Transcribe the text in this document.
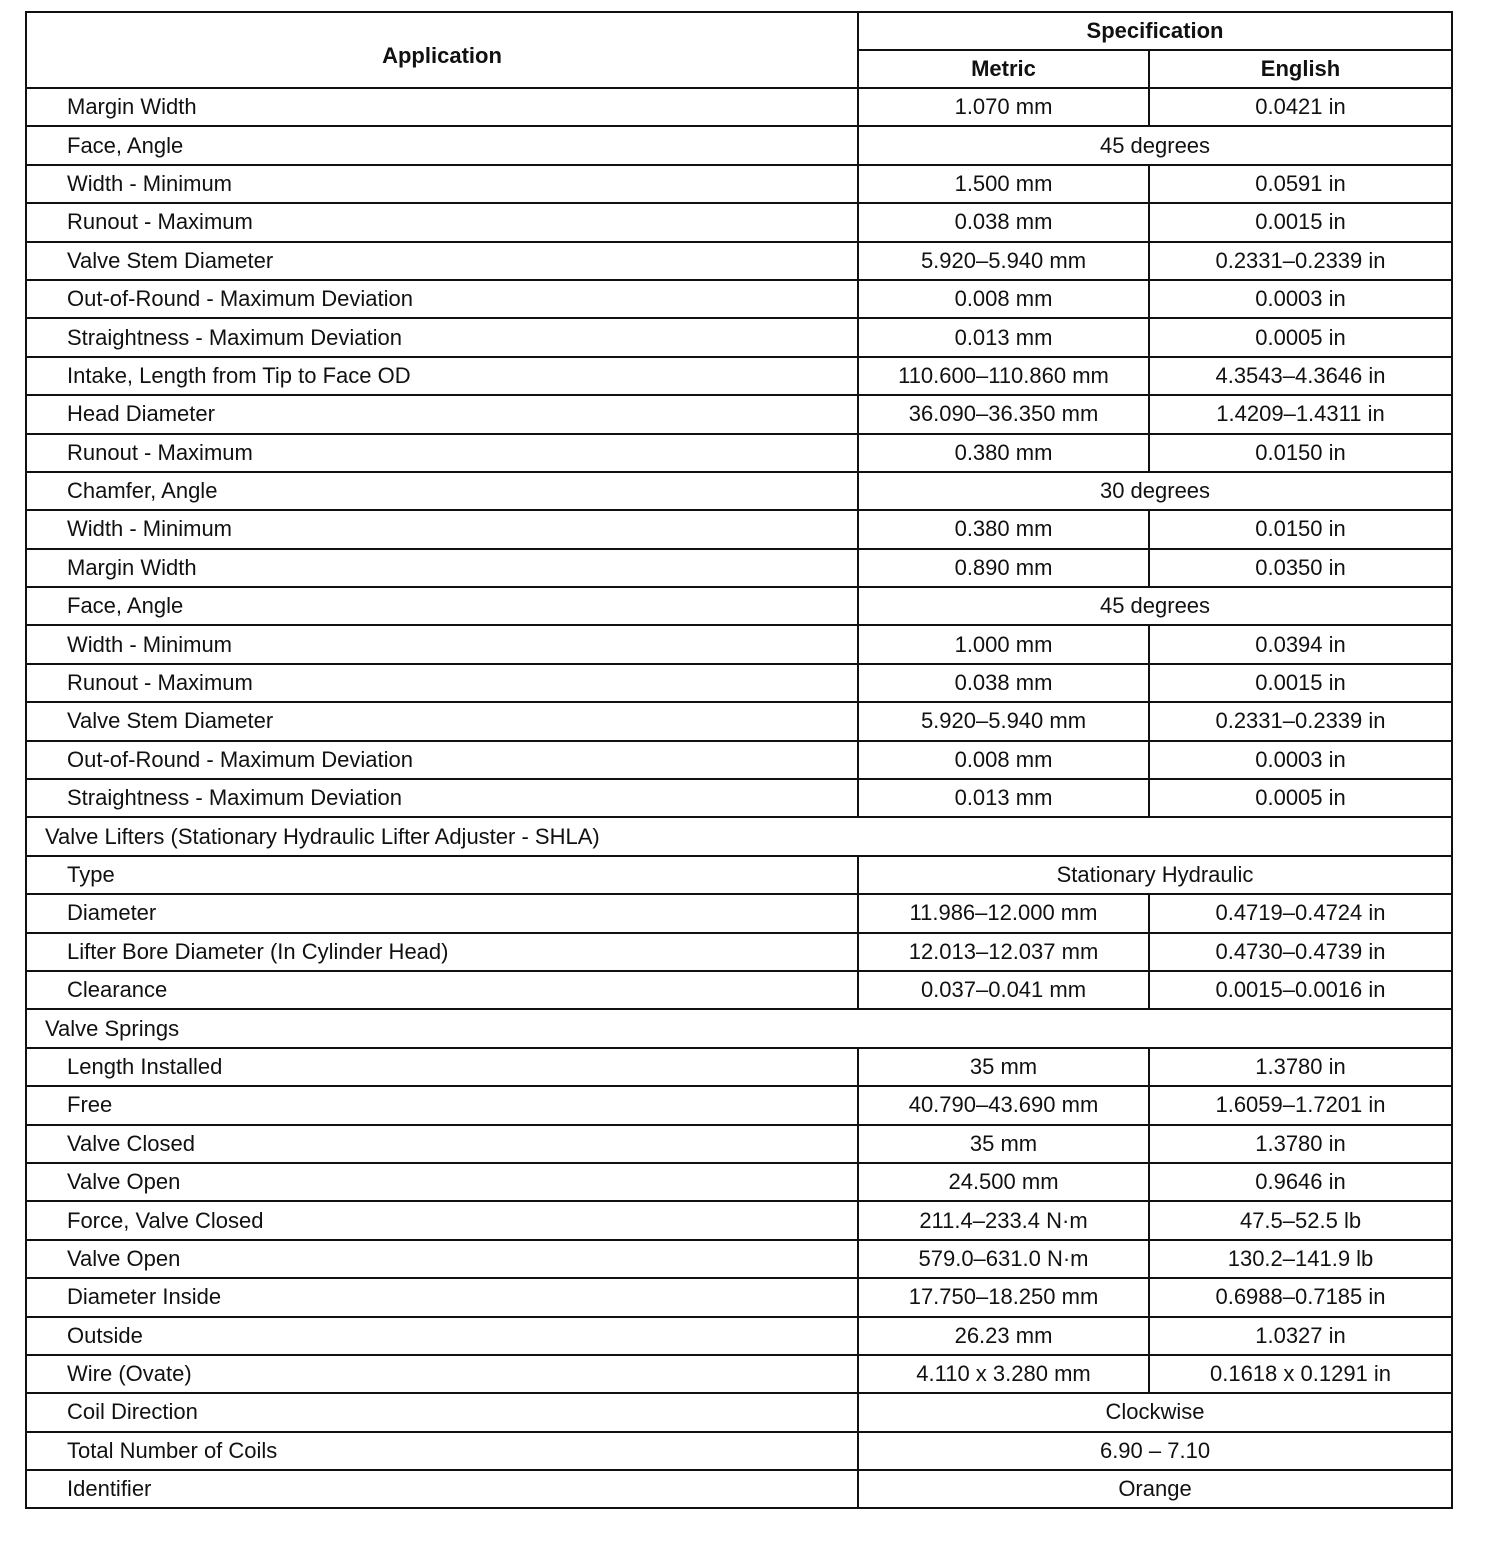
Application	Specification	
	Metric	English
Margin Width	1.070 mm	0.0421 in
Face, Angle	45 degrees	
Width - Minimum	1.500 mm	0.0591 in
Runout - Maximum	0.038 mm	0.0015 in
Valve Stem Diameter	5.920–5.940 mm	0.2331–0.2339 in
Out-of-Round - Maximum Deviation	0.008 mm	0.0003 in
Straightness - Maximum Deviation	0.013 mm	0.0005 in
Intake, Length from Tip to Face OD	110.600–110.860 mm	4.3543–4.3646 in
Head Diameter	36.090–36.350 mm	1.4209–1.4311 in
Runout - Maximum	0.380 mm	0.0150 in
Chamfer, Angle	30 degrees	
Width - Minimum	0.380 mm	0.0150 in
Margin Width	0.890 mm	0.0350 in
Face, Angle	45 degrees	
Width - Minimum	1.000 mm	0.0394 in
Runout - Maximum	0.038 mm	0.0015 in
Valve Stem Diameter	5.920–5.940 mm	0.2331–0.2339 in
Out-of-Round - Maximum Deviation	0.008 mm	0.0003 in
Straightness - Maximum Deviation	0.013 mm	0.0005 in
Valve Lifters (Stationary Hydraulic Lifter Adjuster - SHLA)		
Type	Stationary Hydraulic	
Diameter	11.986–12.000 mm	0.4719–0.4724 in
Lifter Bore Diameter (In Cylinder Head)	12.013–12.037 mm	0.4730–0.4739 in
Clearance	0.037–0.041 mm	0.0015–0.0016 in
Valve Springs		
Length Installed	35 mm	1.3780 in
Free	40.790–43.690 mm	1.6059–1.7201 in
Valve Closed	35 mm	1.3780 in
Valve Open	24.500 mm	0.9646 in
Force, Valve Closed	211.4–233.4 N·m	47.5–52.5 lb
Valve Open	579.0–631.0 N·m	130.2–141.9 lb
Diameter Inside	17.750–18.250 mm	0.6988–0.7185 in
Outside	26.23 mm	1.0327 in
Wire (Ovate)	4.110 x 3.280 mm	0.1618 x 0.1291 in
Coil Direction	Clockwise	
Total Number of Coils	6.90 – 7.10	
Identifier	Orange	
